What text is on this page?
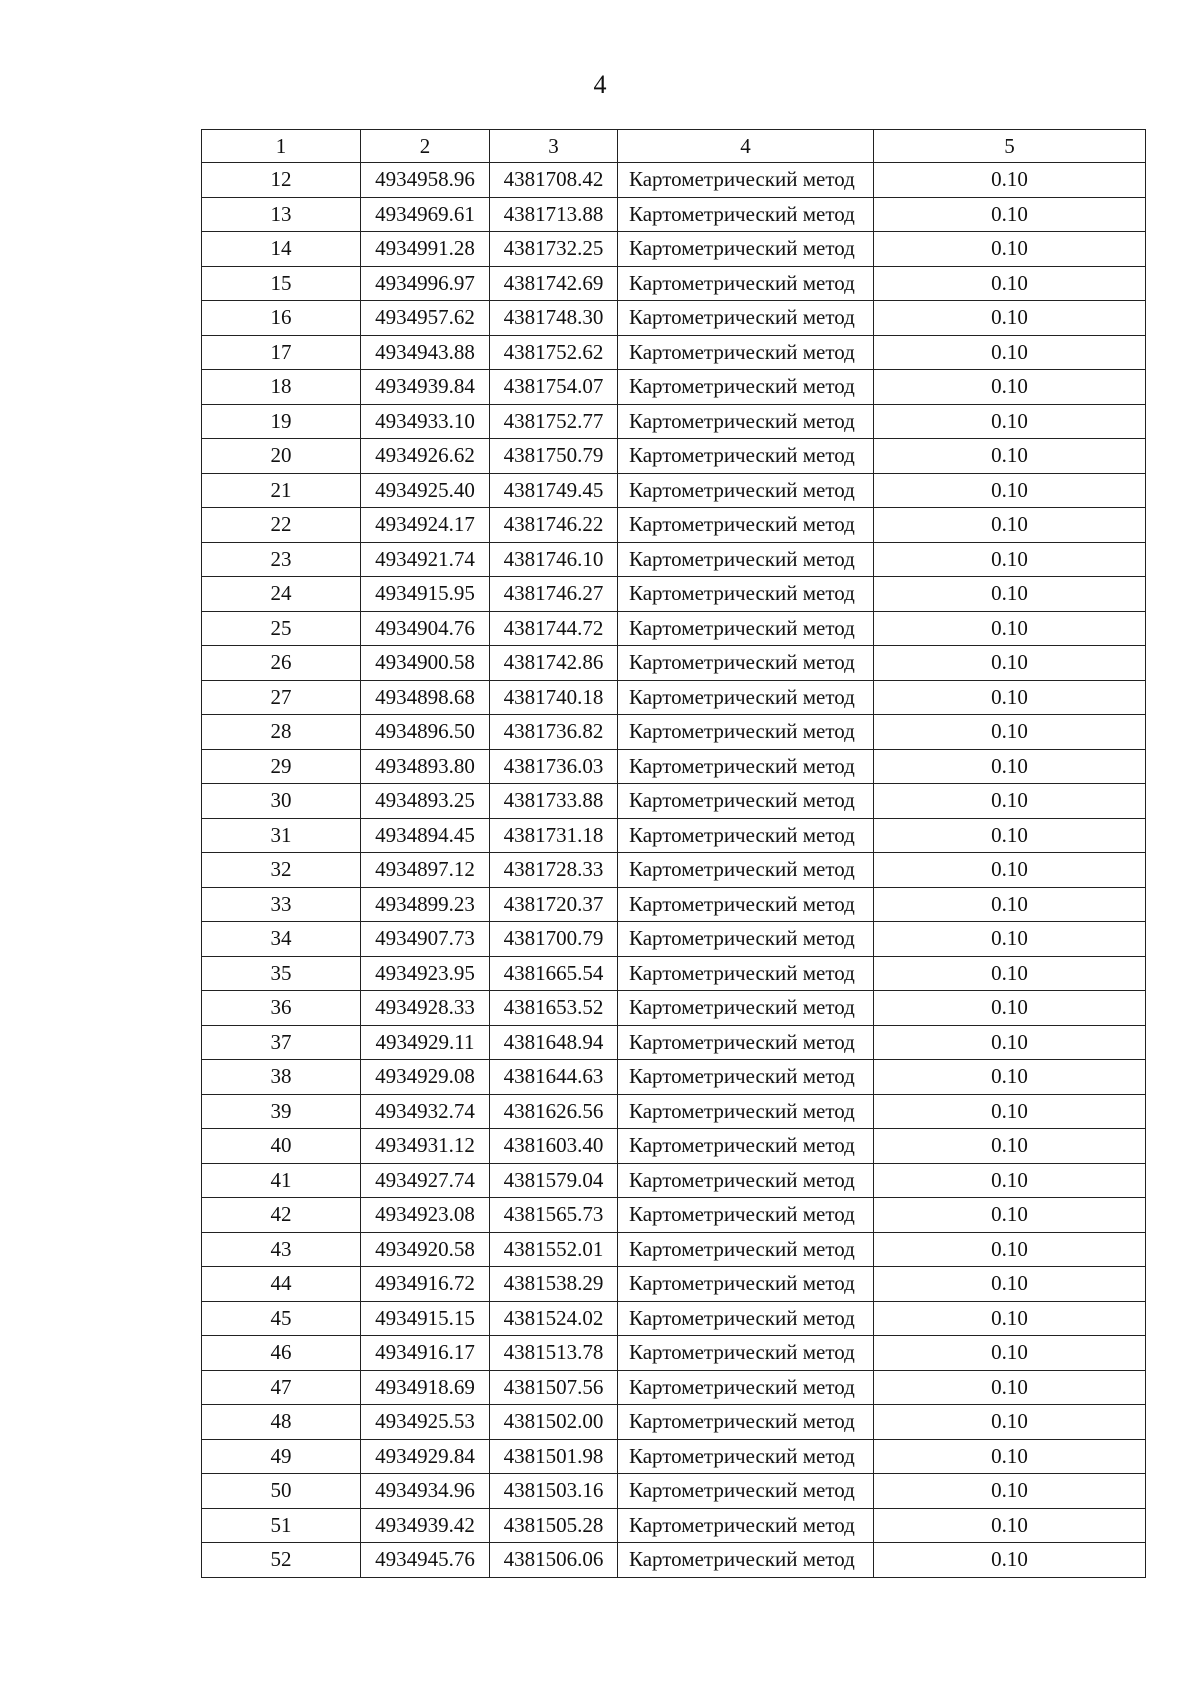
4
1	2	3	4	5
12	4934958.96	4381708.42	Картометрический метод	0.10
13	4934969.61	4381713.88	Картометрический метод	0.10
14	4934991.28	4381732.25	Картометрический метод	0.10
15	4934996.97	4381742.69	Картометрический метод	0.10
16	4934957.62	4381748.30	Картометрический метод	0.10
17	4934943.88	4381752.62	Картометрический метод	0.10
18	4934939.84	4381754.07	Картометрический метод	0.10
19	4934933.10	4381752.77	Картометрический метод	0.10
20	4934926.62	4381750.79	Картометрический метод	0.10
21	4934925.40	4381749.45	Картометрический метод	0.10
22	4934924.17	4381746.22	Картометрический метод	0.10
23	4934921.74	4381746.10	Картометрический метод	0.10
24	4934915.95	4381746.27	Картометрический метод	0.10
25	4934904.76	4381744.72	Картометрический метод	0.10
26	4934900.58	4381742.86	Картометрический метод	0.10
27	4934898.68	4381740.18	Картометрический метод	0.10
28	4934896.50	4381736.82	Картометрический метод	0.10
29	4934893.80	4381736.03	Картометрический метод	0.10
30	4934893.25	4381733.88	Картометрический метод	0.10
31	4934894.45	4381731.18	Картометрический метод	0.10
32	4934897.12	4381728.33	Картометрический метод	0.10
33	4934899.23	4381720.37	Картометрический метод	0.10
34	4934907.73	4381700.79	Картометрический метод	0.10
35	4934923.95	4381665.54	Картометрический метод	0.10
36	4934928.33	4381653.52	Картометрический метод	0.10
37	4934929.11	4381648.94	Картометрический метод	0.10
38	4934929.08	4381644.63	Картометрический метод	0.10
39	4934932.74	4381626.56	Картометрический метод	0.10
40	4934931.12	4381603.40	Картометрический метод	0.10
41	4934927.74	4381579.04	Картометрический метод	0.10
42	4934923.08	4381565.73	Картометрический метод	0.10
43	4934920.58	4381552.01	Картометрический метод	0.10
44	4934916.72	4381538.29	Картометрический метод	0.10
45	4934915.15	4381524.02	Картометрический метод	0.10
46	4934916.17	4381513.78	Картометрический метод	0.10
47	4934918.69	4381507.56	Картометрический метод	0.10
48	4934925.53	4381502.00	Картометрический метод	0.10
49	4934929.84	4381501.98	Картометрический метод	0.10
50	4934934.96	4381503.16	Картометрический метод	0.10
51	4934939.42	4381505.28	Картометрический метод	0.10
52	4934945.76	4381506.06	Картометрический метод	0.10
